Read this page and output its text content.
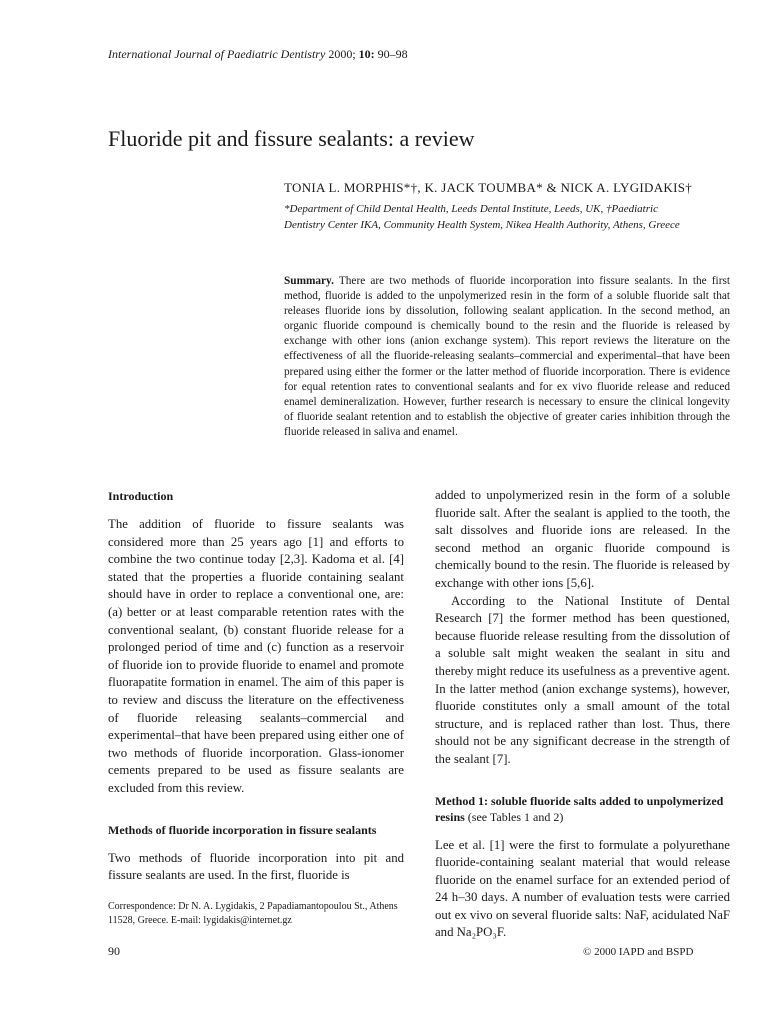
International Journal of Paediatric Dentistry 2000; 10: 90–98
Fluoride pit and fissure sealants: a review
TONIA L. MORPHIS*†, K. JACK TOUMBA* & NICK A. LYGIDAKIS†
*Department of Child Dental Health, Leeds Dental Institute, Leeds, UK, †Paediatric
Dentistry Center IKA, Community Health System, Nikea Health Authority, Athens, Greece
Summary. There are two methods of fluoride incorporation into fissure sealants. In the first method, fluoride is added to the unpolymerized resin in the form of a soluble fluoride salt that releases fluoride ions by dissolution, following sealant application. In the second method, an organic fluoride compound is chemically bound to the resin and the fluoride is released by exchange with other ions (anion exchange system). This report reviews the literature on the effectiveness of all the fluoride-releasing sealants–commercial and experimental–that have been prepared using either the former or the latter method of fluoride incorporation. There is evidence for equal retention rates to conventional sealants and for ex vivo fluoride release and reduced enamel demineralization. However, further research is necessary to ensure the clinical longevity of fluoride sealant retention and to establish the objective of greater caries inhibition through the fluoride released in saliva and enamel.
Introduction

The addition of fluoride to fissure sealants was considered more than 25 years ago [1] and efforts to combine the two continue today [2,3]. Kadoma et al. [4] stated that the properties a fluoride containing sealant should have in order to replace a conventional one, are: (a) better or at least comparable retention rates with the conventional sealant, (b) constant fluoride release for a prolonged period of time and (c) function as a reservoir of fluoride ion to provide fluoride to enamel and promote fluorapatite formation in enamel. The aim of this paper is to review and discuss the literature on the effectiveness of fluoride releasing sealants–commercial and experimental–that have been prepared using either one of two methods of fluoride incorporation. Glass-ionomer cements prepared to be used as fissure sealants are excluded from this review.

Methods of fluoride incorporation in fissure sealants

Two methods of fluoride incorporation into pit and fissure sealants are used. In the first, fluoride is

Correspondence: Dr N. A. Lygidakis, 2 Papadiamantopoulou St., Athens 11528, Greece. E-mail: lygidakis@internet.gz

added to unpolymerized resin in the form of a soluble fluoride salt. After the sealant is applied to the tooth, the salt dissolves and fluoride ions are released. In the second method an organic fluoride compound is chemically bound to the resin. The fluoride is released by exchange with other ions [5,6].

According to the National Institute of Dental Research [7] the former method has been questioned, because fluoride release resulting from the dissolution of a soluble salt might weaken the sealant in situ and thereby might reduce its usefulness as a preventive agent. In the latter method (anion exchange systems), however, fluoride constitutes only a small amount of the total structure, and is replaced rather than lost. Thus, there should not be any significant decrease in the strength of the sealant [7].

Method 1: soluble fluoride salts added to unpolymerized resins (see Tables 1 and 2)

Lee et al. [1] were the first to formulate a polyurethane fluoride-containing sealant material that would release fluoride on the enamel surface for an extended period of 24 h–30 days. A number of evaluation tests were carried out ex vivo on several fluoride salts: NaF, acidulated NaF and Na₂PO₃F.

90	© 2000 IAPD and BSPD
